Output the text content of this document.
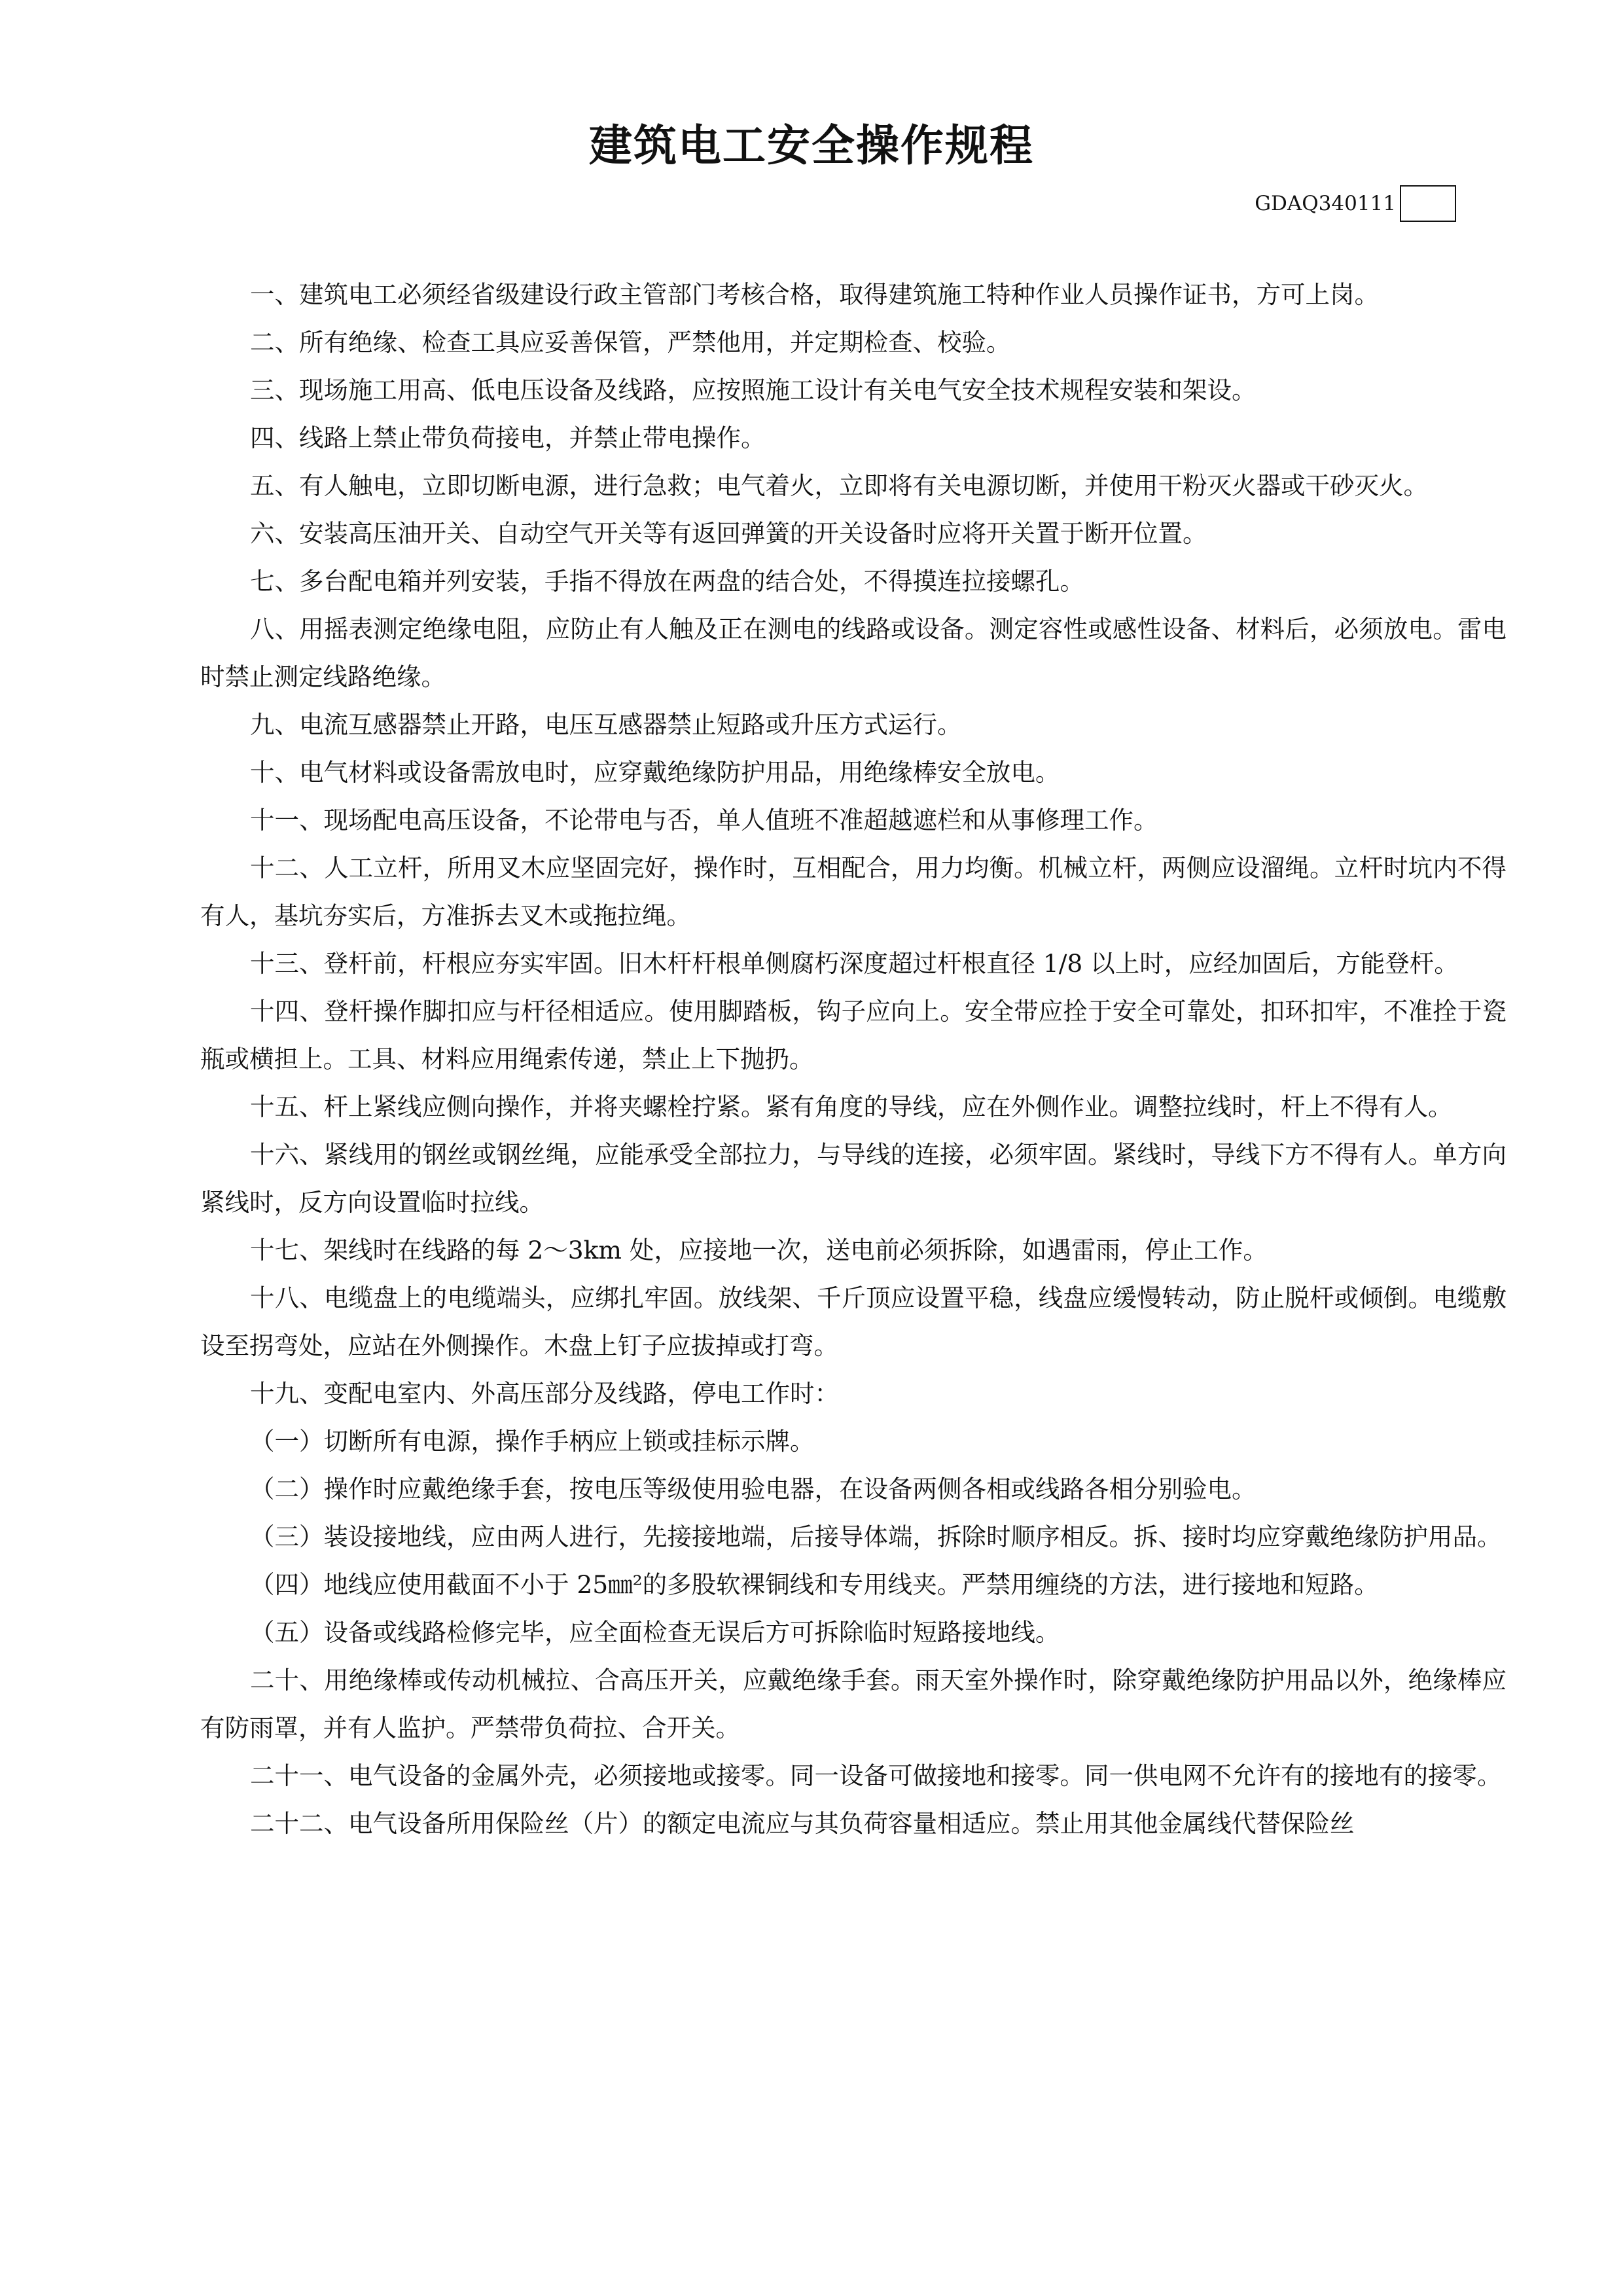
建筑电工安全操作规程
GDAQ340111

一、建筑电工必须经省级建设行政主管部门考核合格，取得建筑施工特种作业人员操作证书，方可上岗。

二、所有绝缘、检查工具应妥善保管，严禁他用，并定期检查、校验。

三、现场施工用高、低电压设备及线路，应按照施工设计有关电气安全技术规程安装和架设。

四、线路上禁止带负荷接电，并禁止带电操作。

五、有人触电，立即切断电源，进行急救；电气着火，立即将有关电源切断，并使用干粉灭火器或干砂灭火。

六、安装高压油开关、自动空气开关等有返回弹簧的开关设备时应将开关置于断开位置。

七、多台配电箱并列安装，手指不得放在两盘的结合处，不得摸连拉接螺孔。

八、用摇表测定绝缘电阻，应防止有人触及正在测电的线路或设备。测定容性或感性设备、材料后，必须放电。雷电时禁止测定线路绝缘。

九、电流互感器禁止开路，电压互感器禁止短路或升压方式运行。

十、电气材料或设备需放电时，应穿戴绝缘防护用品，用绝缘棒安全放电。

十一、现场配电高压设备，不论带电与否，单人值班不准超越遮栏和从事修理工作。

十二、人工立杆，所用叉木应坚固完好，操作时，互相配合，用力均衡。机械立杆，两侧应设溜绳。立杆时坑内不得有人，基坑夯实后，方准拆去叉木或拖拉绳。

十三、登杆前，杆根应夯实牢固。旧木杆杆根单侧腐朽深度超过杆根直径 1/8 以上时，应经加固后，方能登杆。

十四、登杆操作脚扣应与杆径相适应。使用脚踏板，钩子应向上。安全带应拴于安全可靠处，扣环扣牢，不准拴于瓷瓶或横担上。工具、材料应用绳索传递，禁止上下抛扔。

十五、杆上紧线应侧向操作，并将夹螺栓拧紧。紧有角度的导线，应在外侧作业。调整拉线时，杆上不得有人。

十六、紧线用的钢丝或钢丝绳，应能承受全部拉力，与导线的连接，必须牢固。紧线时，导线下方不得有人。单方向紧线时，反方向设置临时拉线。

十七、架线时在线路的每 2～3km 处，应接地一次，送电前必须拆除，如遇雷雨，停止工作。

十八、电缆盘上的电缆端头，应绑扎牢固。放线架、千斤顶应设置平稳，线盘应缓慢转动，防止脱杆或倾倒。电缆敷设至拐弯处，应站在外侧操作。木盘上钉子应拔掉或打弯。

十九、变配电室内、外高压部分及线路，停电工作时：

（一）切断所有电源，操作手柄应上锁或挂标示牌。

（二）操作时应戴绝缘手套，按电压等级使用验电器，在设备两侧各相或线路各相分别验电。

（三）装设接地线，应由两人进行，先接接地端，后接导体端，拆除时顺序相反。拆、接时均应穿戴绝缘防护用品。

（四）地线应使用截面不小于 25㎜²的多股软裸铜线和专用线夹。严禁用缠绕的方法，进行接地和短路。

（五）设备或线路检修完毕，应全面检查无误后方可拆除临时短路接地线。

二十、用绝缘棒或传动机械拉、合高压开关，应戴绝缘手套。雨天室外操作时，除穿戴绝缘防护用品以外，绝缘棒应有防雨罩，并有人监护。严禁带负荷拉、合开关。

二十一、电气设备的金属外壳，必须接地或接零。同一设备可做接地和接零。同一供电网不允许有的接地有的接零。

二十二、电气设备所用保险丝（片）的额定电流应与其负荷容量相适应。禁止用其他金属线代替保险丝
